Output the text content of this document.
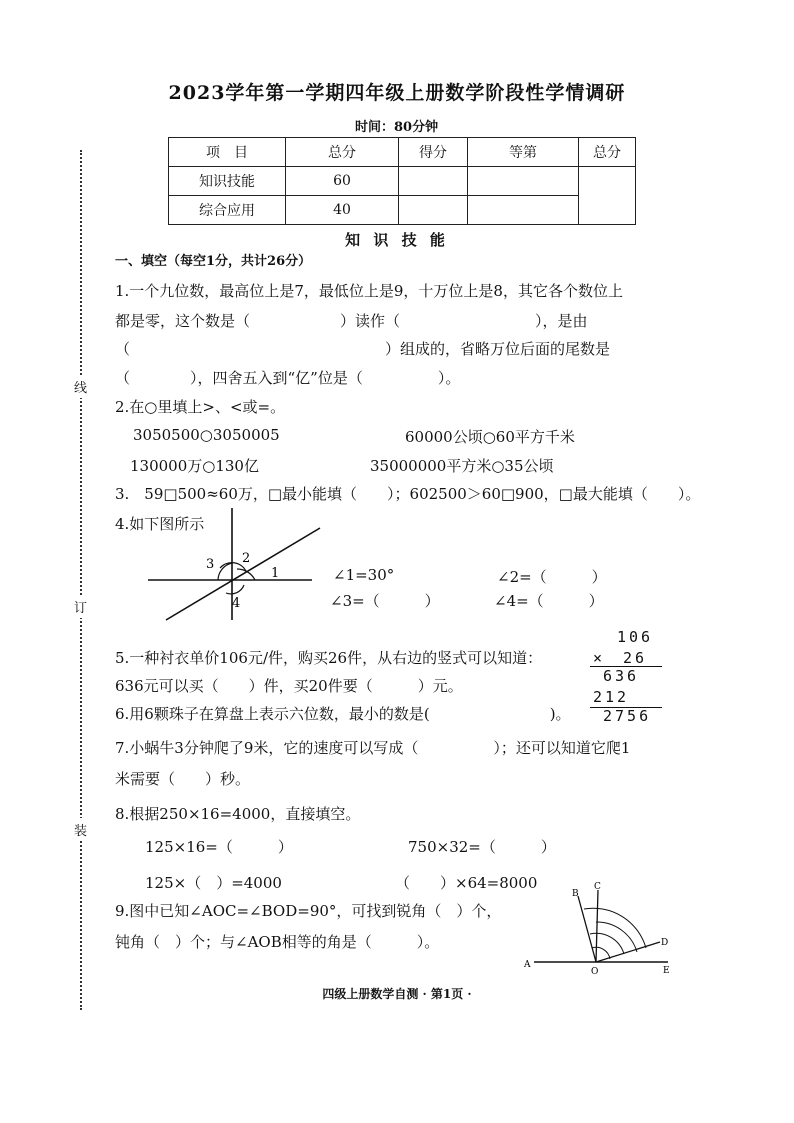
2023学年第一学期四年级上册数学阶段性学情调研
时间：80分钟
项　目	总分	得分	等第	总分
知识技能	60			
综合应用	40			
线
订
装
知 识 技 能
一、填空（每空1分，共计26分）
1.一个九位数，最高位上是7，最低位上是9，十万位上是8，其它各个数位上
都是零，这个数是（　　　　　　）读作（　　　　　　　　　），是由
（　　　　　　　　　　　　　　　　　）组成的，省略万位后面的尾数是
（　　　　），四舍五入到“亿”位是（　　　　　）。
2.在○里填上>、<或=。
3050500○3050005	60000公顷○60平方千米
130000万○130亿	35000000平方米○35公顷
3.　59□500≈60万，□最小能填（　　）；602500＞60□900，□最大能填（　　）。
4.如下图所示
1
2
3
4
∠1=30°	∠2=（　　　）
∠3=（　　　）	∠4=（　　　）
5.一种衬衣单价106元/件，购买26件，从右边的竖式可以知道：
636元可以买（　　）件，买20件要（　　　）元。
106
×　26
636
212
2756
6.用6颗珠子在算盘上表示六位数，最小的数是(　　　　　　　　)。
7.小蜗牛3分钟爬了9米，它的速度可以写成（　　　　　）；还可以知道它爬1
米需要（　　）秒。
8.根据250×16=4000，直接填空。
125×16=（　　　）	750×32=（　　　）
125×（　）=4000	（　　）×64=8000
9.图中已知∠AOC=∠BOD=90°，可找到锐角（　）个，
钝角（　）个；与∠AOB相等的角是（　　　）。
A
B
C
D
E
O
四级上册数学自测 · 第1页 ·
